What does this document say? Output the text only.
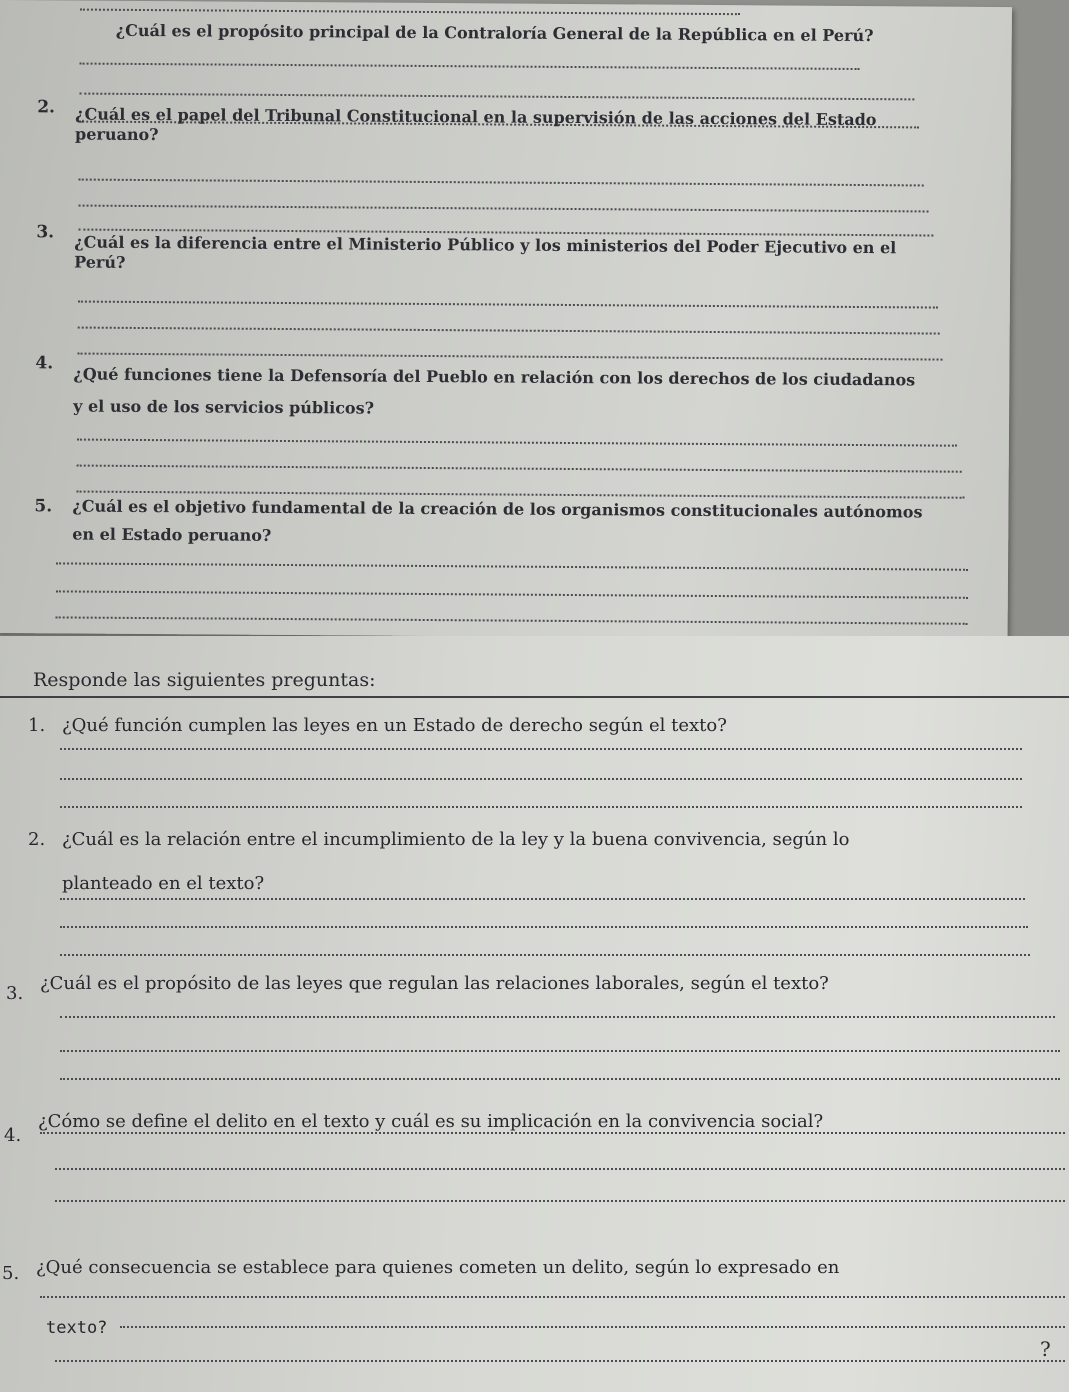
¿Cuál es el propósito principal de la Contraloría General de la República en el Perú?
2. ¿Cuál es el papel del Tribunal Constitucional en la supervisión de las acciones del Estado
peruano?
3.
¿Cuál es la diferencia entre el Ministerio Público y los ministerios del Poder Ejecutivo en el
Perú?
4.
¿Qué funciones tiene la Defensoría del Pueblo en relación con los derechos de los ciudadanos
y el uso de los servicios públicos?
5. ¿Cuál es el objetivo fundamental de la creación de los organismos constitucionales autónomos
en el Estado peruano?
Responde las siguientes preguntas:
1. ¿Qué función cumplen las leyes en un Estado de derecho según el texto?
2. ¿Cuál es la relación entre el incumplimiento de la ley y la buena convivencia, según lo
planteado en el texto?
3. ¿Cuál es el propósito de las leyes que regulan las relaciones laborales, según el texto?
4.
¿Cómo se define el delito en el texto y cuál es su implicación en la convivencia social?
5. ¿Qué consecuencia se establece para quienes cometen un delito, según lo expresado en
texto?
?
